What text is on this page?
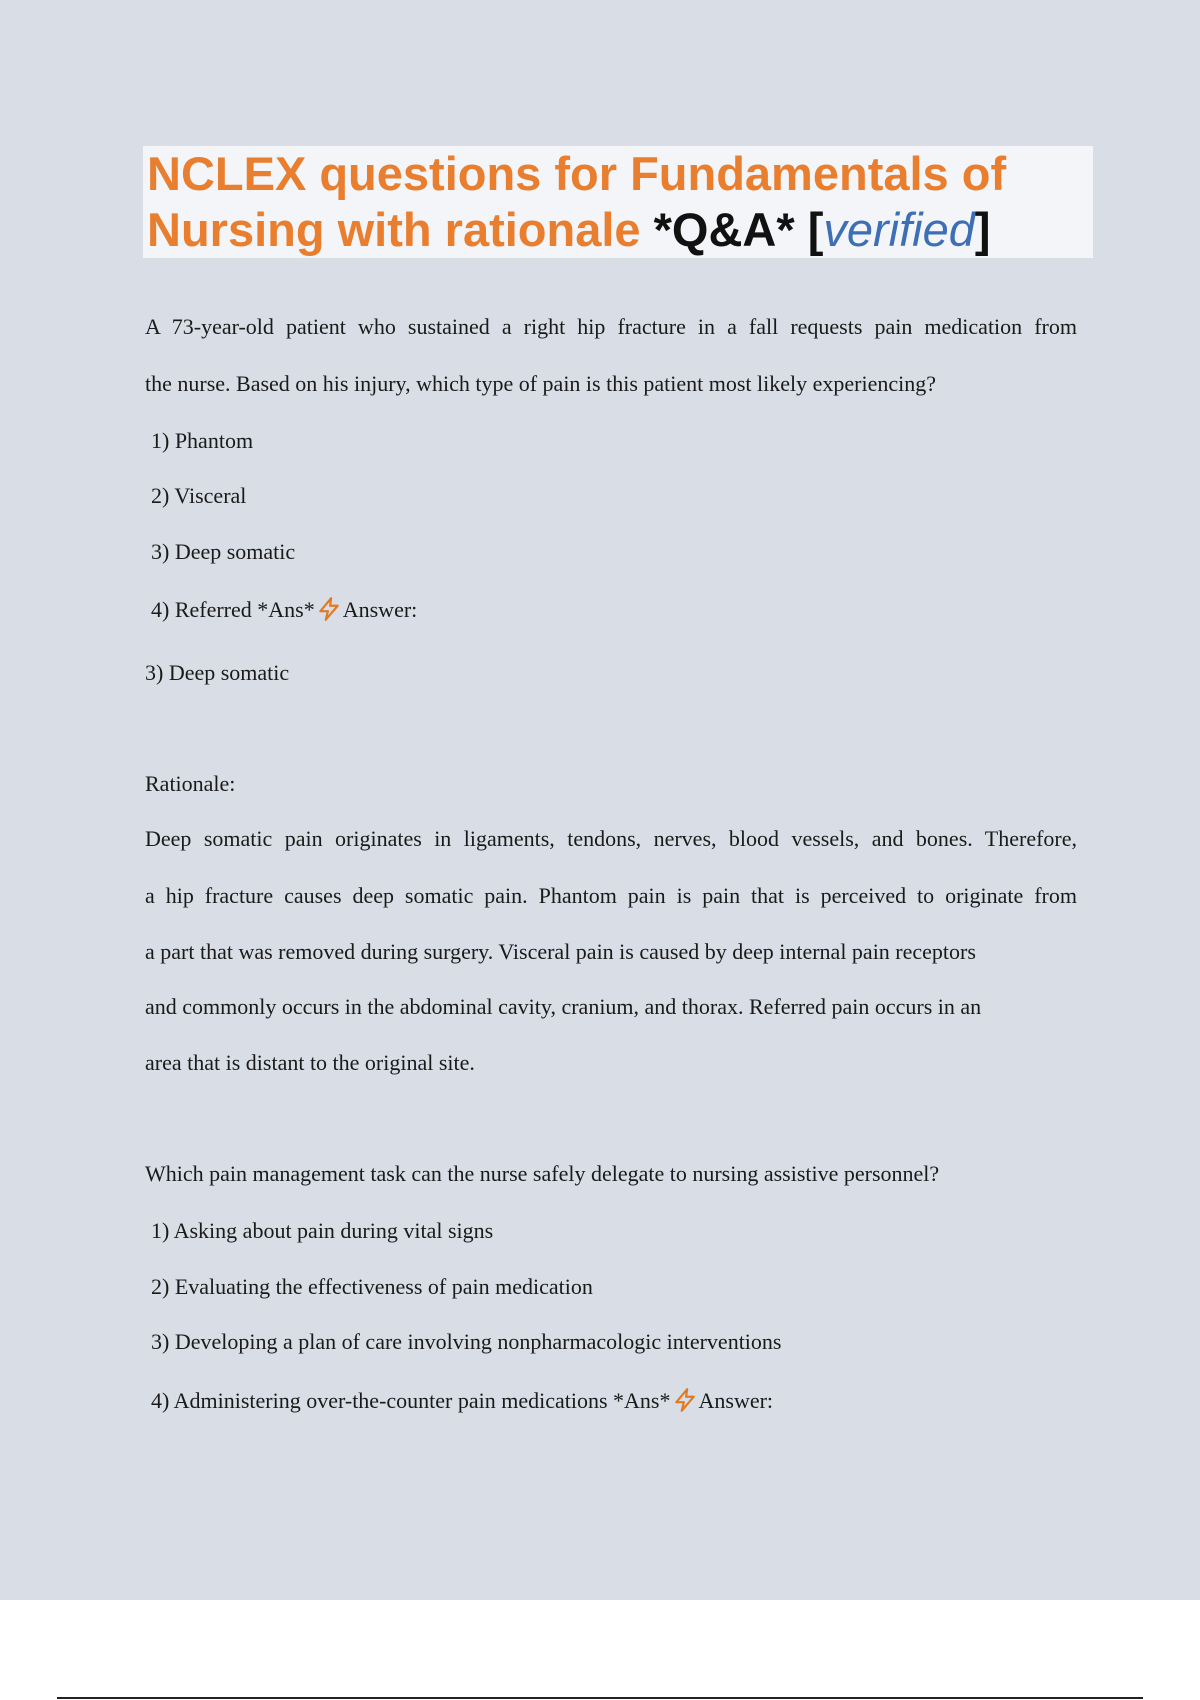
NCLEX questions for Fundamentals of Nursing with rationale *Q&A* [verified]
A 73-year-old patient who sustained a right hip fracture in a fall requests pain medication from
the nurse. Based on his injury, which type of pain is this patient most likely experiencing?
1) Phantom
2) Visceral
3) Deep somatic
4) Referred *Ans* Answer:
3) Deep somatic
Rationale:
Deep somatic pain originates in ligaments, tendons, nerves, blood vessels, and bones. Therefore,
a hip fracture causes deep somatic pain. Phantom pain is pain that is perceived to originate from
a part that was removed during surgery. Visceral pain is caused by deep internal pain receptors
and commonly occurs in the abdominal cavity, cranium, and thorax. Referred pain occurs in an
area that is distant to the original site.
Which pain management task can the nurse safely delegate to nursing assistive personnel?
1) Asking about pain during vital signs
2) Evaluating the effectiveness of pain medication
3) Developing a plan of care involving nonpharmacologic interventions
4) Administering over-the-counter pain medications *Ans* Answer:
